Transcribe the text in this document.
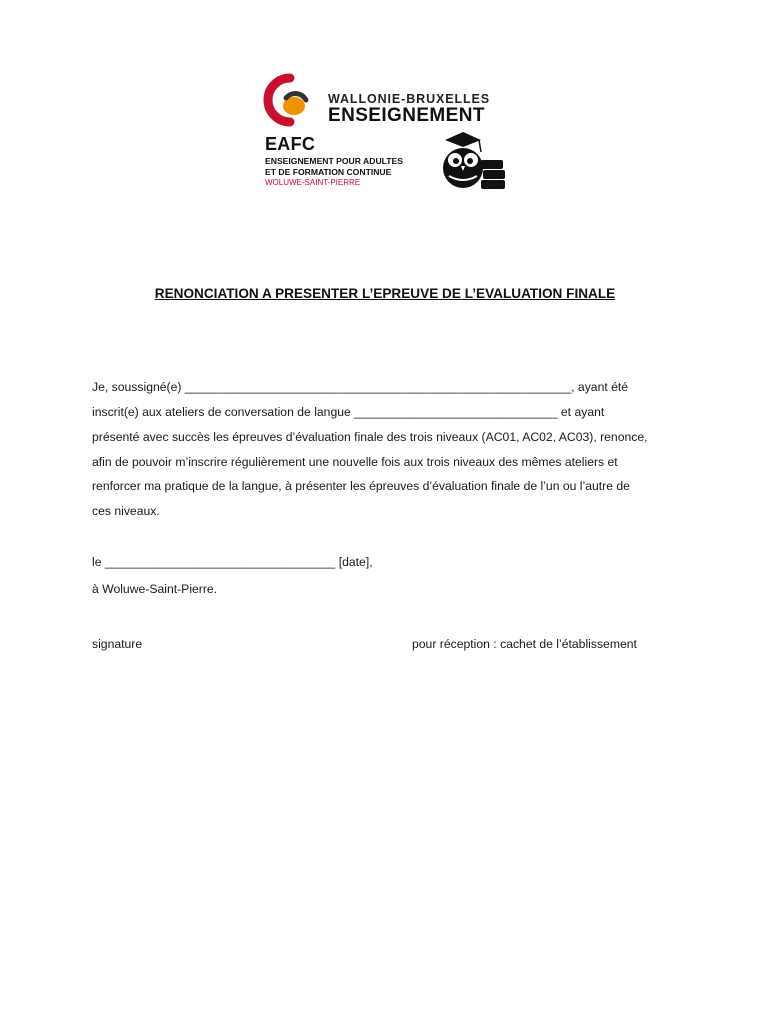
WALLONIE-BRUXELLES
ENSEIGNEMENT
EAFC
ENSEIGNEMENT POUR ADULTES
ET DE FORMATION CONTINUE
WOLUWE-SAINT-PIERRE
RENONCIATION A PRESENTER L’EPREUVE DE L’EVALUATION FINALE
Je, soussigné(e) _________________________________________________________, ayant été
inscrit(e) aux ateliers de conversation de langue ______________________________ et ayant
présenté avec succès les épreuves d’évaluation finale des trois niveaux (AC01, AC02, AC03), renonce,
afin de pouvoir m’inscrire régulièrement une nouvelle fois aux trois niveaux des mêmes ateliers et
renforcer ma pratique de la langue, à présenter les épreuves d’évaluation finale de l’un ou l’autre de
ces niveaux.
le __________________________________ [date],
à Woluwe-Saint-Pierre.
signature	pour réception : cachet de l’établissement
